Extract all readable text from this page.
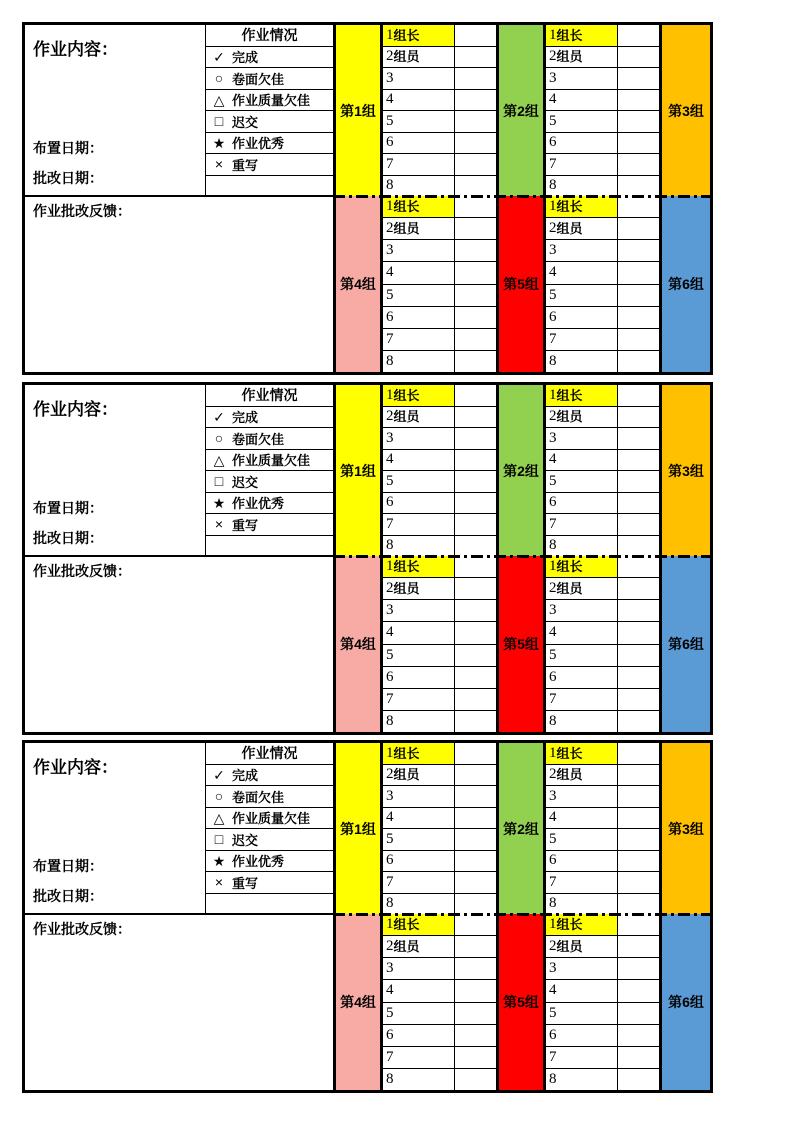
作业内容：
布置日期：
批改日期：
作业批改反馈：
作业情况
✓ 完成
○ 卷面欠佳
△ 作业质量欠佳
□ 迟交
★ 作业优秀
× 重写
第1组
1 组长
2 组员
3
4
5
6
7
8
第2组
1 组长
2 组员
3
4
5
6
7
8
第3组
第4组
1 组长
2 组员
3
4
5
6
7
8
第5组
1 组长
2 组员
3
4
5
6
7
8
第6组
作业内容：
布置日期：
批改日期：
作业批改反馈：
作业情况
✓ 完成
○ 卷面欠佳
△ 作业质量欠佳
□ 迟交
★ 作业优秀
× 重写
第1组
1 组长
2 组员
3
4
5
6
7
8
第2组
1 组长
2 组员
3
4
5
6
7
8
第3组
第4组
1 组长
2 组员
3
4
5
6
7
8
第5组
1 组长
2 组员
3
4
5
6
7
8
第6组
作业内容：
布置日期：
批改日期：
作业批改反馈：
作业情况
✓ 完成
○ 卷面欠佳
△ 作业质量欠佳
□ 迟交
★ 作业优秀
× 重写
第1组
1 组长
2 组员
3
4
5
6
7
8
第2组
1 组长
2 组员
3
4
5
6
7
8
第3组
第4组
1 组长
2 组员
3
4
5
6
7
8
第5组
1 组长
2 组员
3
4
5
6
7
8
第6组
